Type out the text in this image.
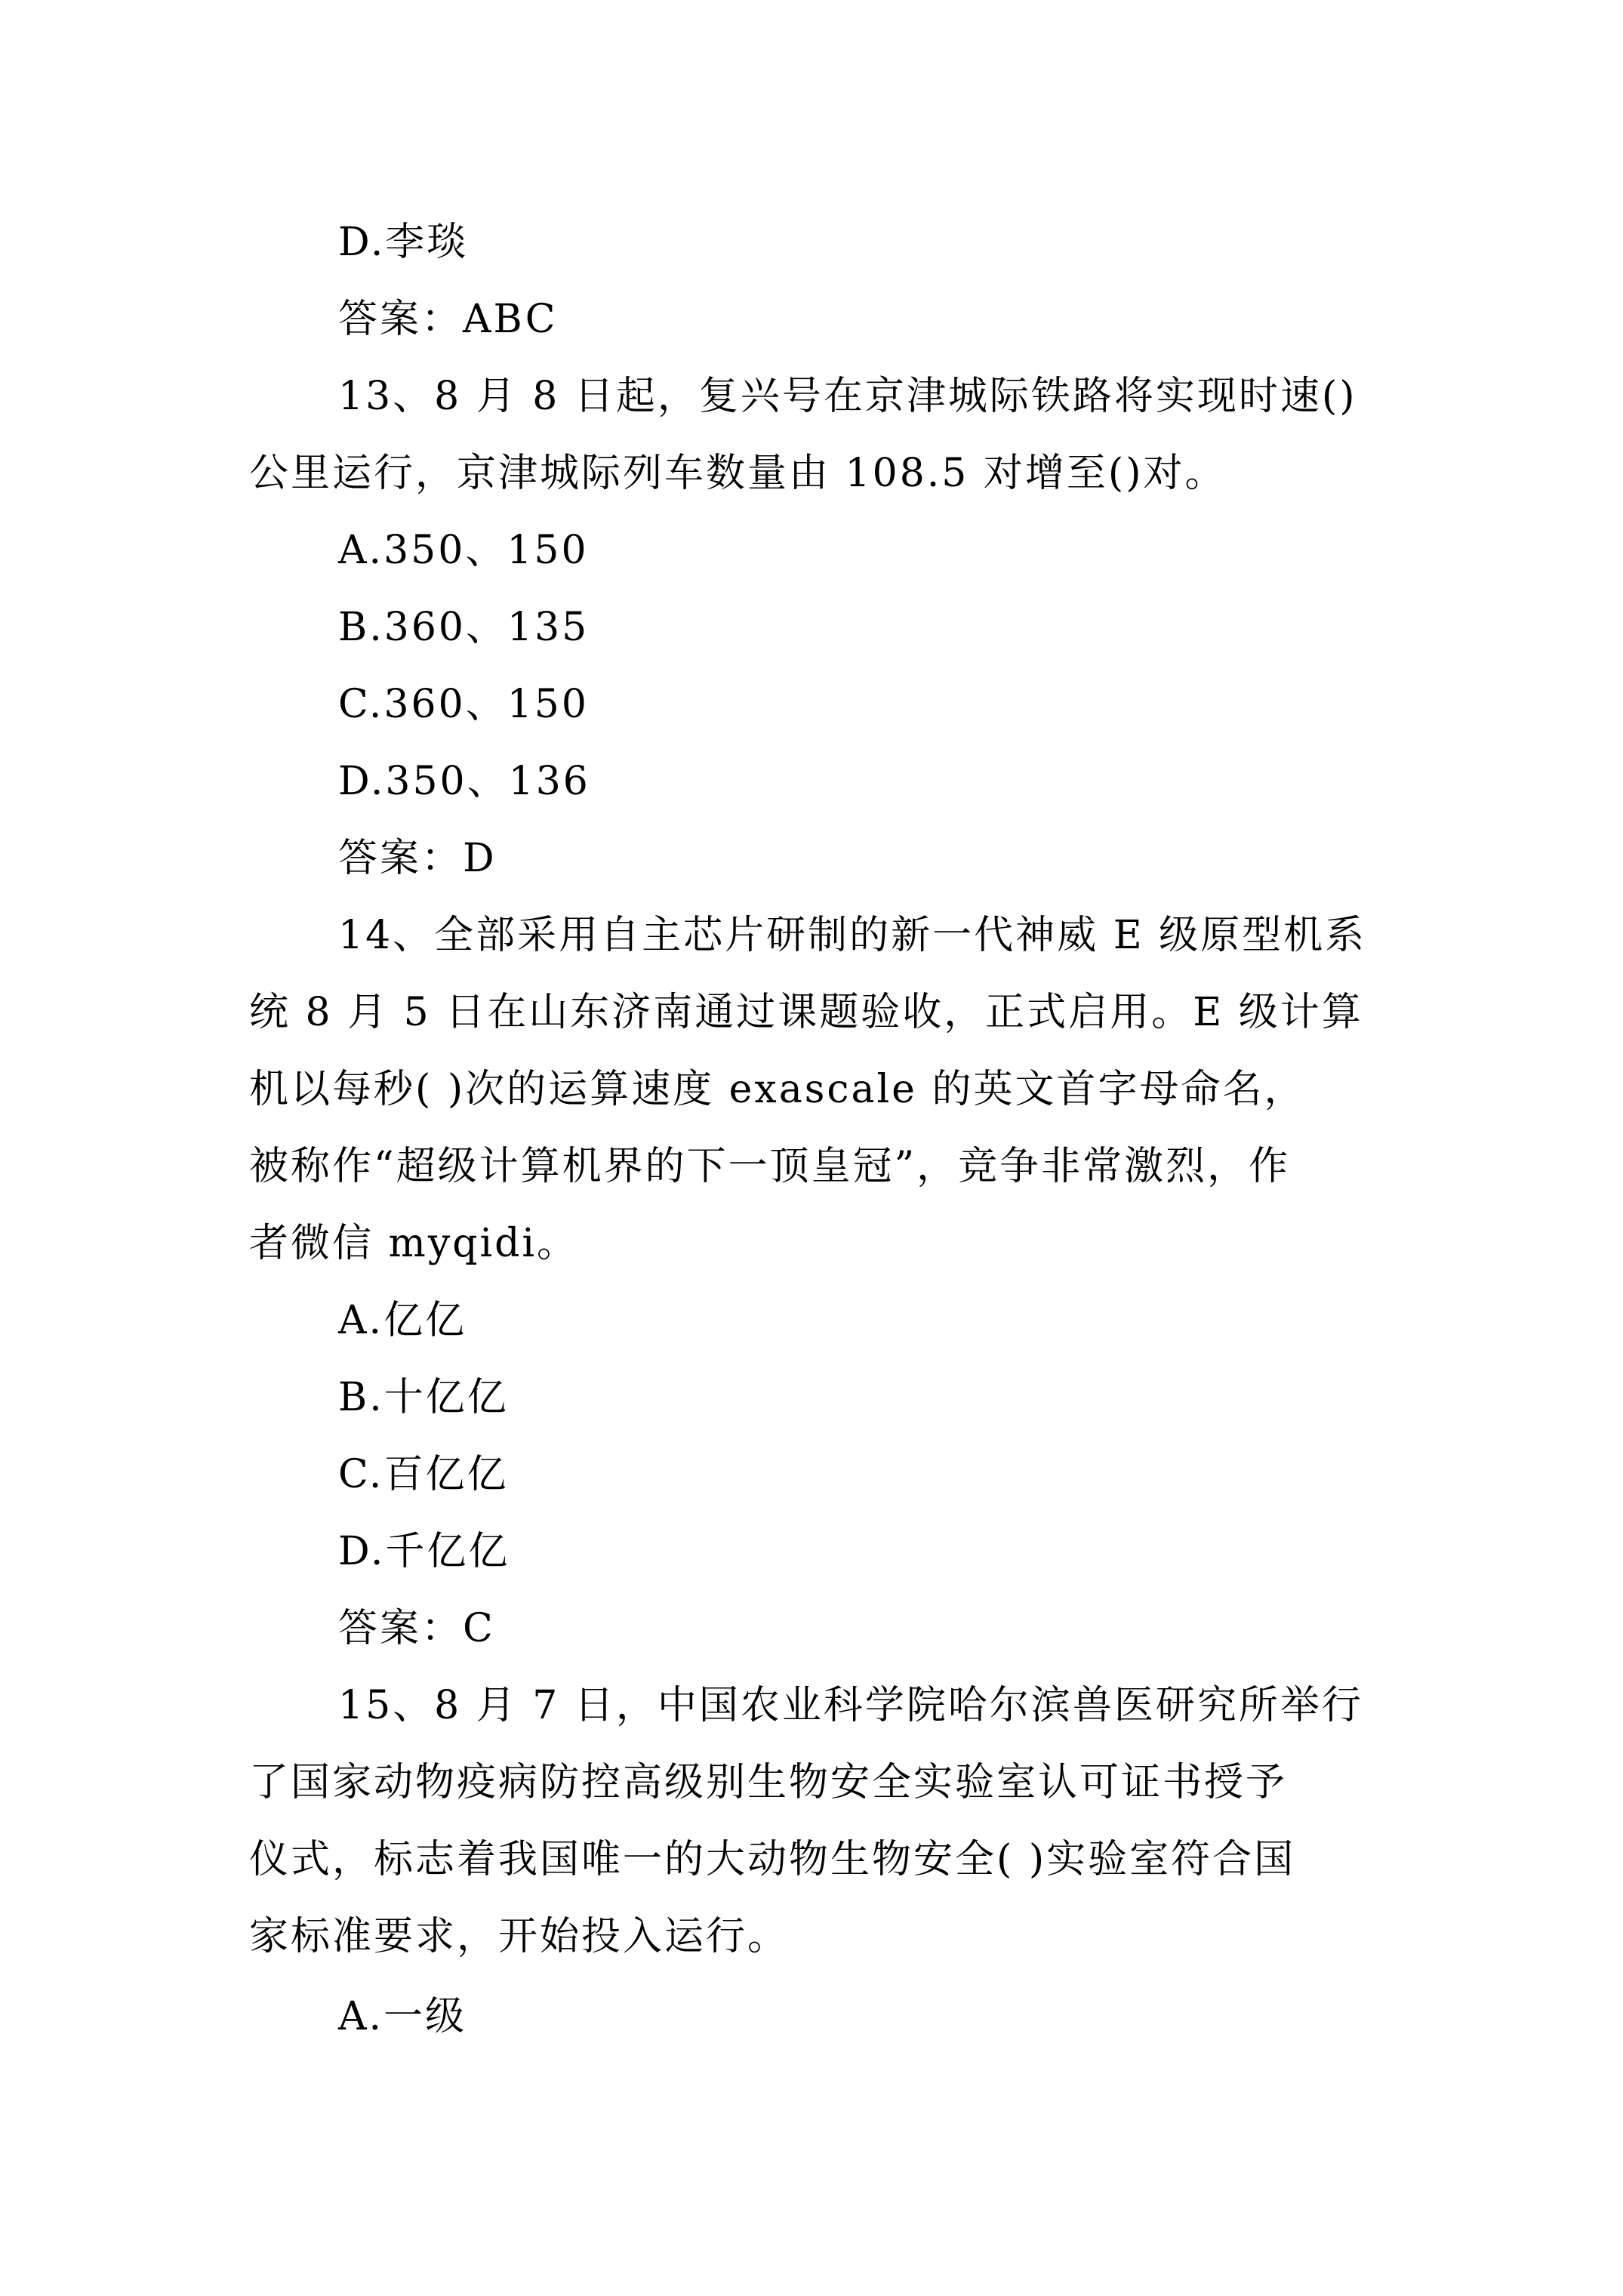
D.李琰
答案：ABC
13、8 月 8 日起，复兴号在京津城际铁路将实现时速()
公里运行，京津城际列车数量由 108.5 对增至()对。
A.350、150
B.360、135
C.360、150
D.350、136
答案：D
14、全部采用自主芯片研制的新一代神威 E 级原型机系
统 8 月 5 日在山东济南通过课题验收，正式启用。E 级计算
机以每秒( )次的运算速度 exascale 的英文首字母命名，
被称作“超级计算机界的下一顶皇冠”，竞争非常激烈，作
者微信 myqidi。
A.亿亿
B.十亿亿
C.百亿亿
D.千亿亿
答案：C
15、8 月 7 日，中国农业科学院哈尔滨兽医研究所举行
了国家动物疫病防控高级别生物安全实验室认可证书授予
仪式，标志着我国唯一的大动物生物安全( )实验室符合国
家标准要求，开始投入运行。
A.一级
